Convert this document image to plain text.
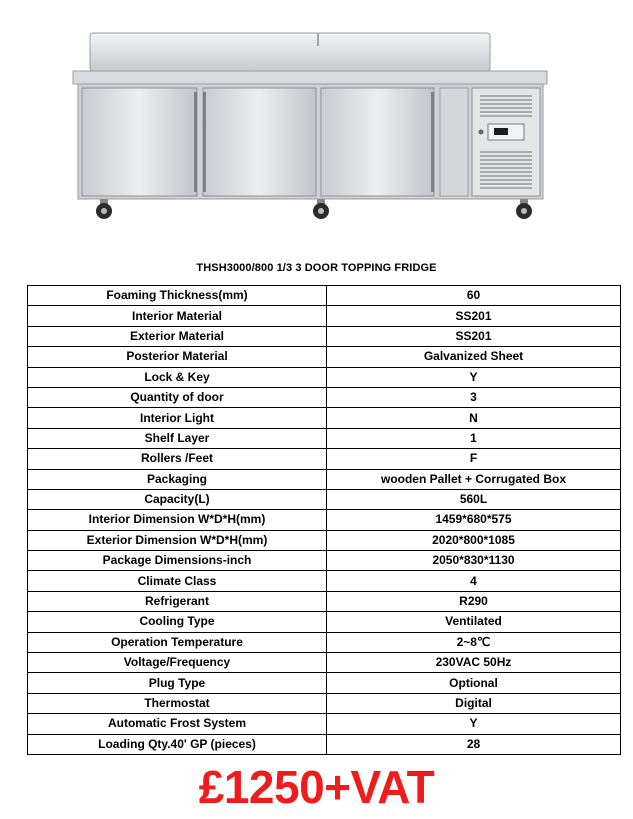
THSH3000/800 1/3 3 DOOR TOPPING FRIDGE
Foaming Thickness(mm)	60
Interior Material	SS201
Exterior Material	SS201
Posterior Material	Galvanized Sheet
Lock & Key	Y
Quantity of door	3
Interior Light	N
Shelf Layer	1
Rollers /Feet	F
Packaging	wooden Pallet + Corrugated Box
Capacity(L)	560L
Interior Dimension W*D*H(mm)	1459*680*575
Exterior Dimension W*D*H(mm)	2020*800*1085
Package Dimensions-inch	2050*830*1130
Climate Class	4
Refrigerant	R290
Cooling Type	Ventilated
Operation Temperature	2~8℃
Voltage/Frequency	230VAC 50Hz
Plug Type	Optional
Thermostat	Digital
Automatic Frost System	Y
Loading Qty.40' GP (pieces)	28
£1250+VAT
